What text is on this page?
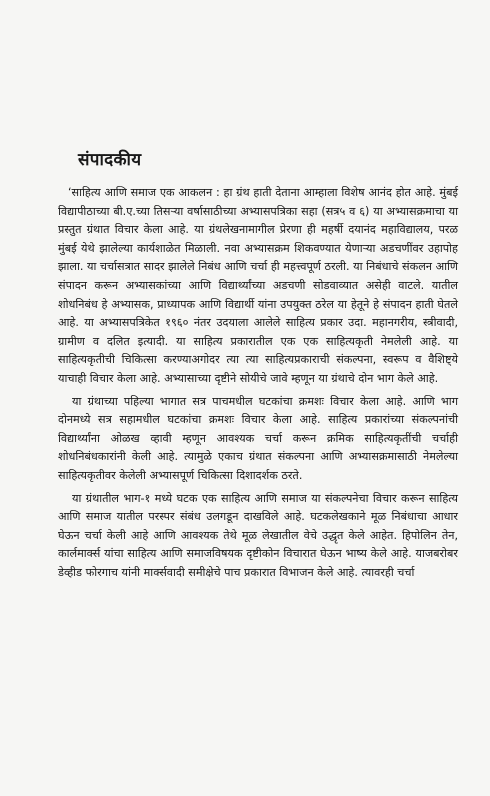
संपादकीय

‘साहित्य आणि समाज एक आकलन : हा ग्रंथ हाती देताना आम्हाला विशेष आनंद होत आहे. मुंबई विद्यापीठाच्या बी.ए.च्या तिसऱ्या वर्षासाठीच्या अभ्यासपत्रिका सहा (सत्र५ व ६) या अभ्यासक्रमाचा या प्रस्तुत ग्रंथात विचार केला आहे. या ग्रंथलेखनामागील प्रेरणा ही महर्षी दयानंद महाविद्यालय, परळ मुंबई येथे झालेल्या कार्यशाळेत मिळाली. नवा अभ्यासक्रम शिकवण्यात येणाऱ्या अडचणींवर उहापोह झाला. या चर्चासत्रात सादर झालेले निबंध आणि चर्चा ही महत्त्वपूर्ण ठरली. या निबंधाचे संकलन आणि संपादन करून अभ्यासकांच्या आणि विद्यार्थ्यांच्या अडचणी सोडवाव्यात असेही वाटले. यातील शोधनिबंध हे अभ्यासक, प्राध्यापक आणि विद्यार्थी यांना उपयुक्त ठरेल या हेतूने हे संपादन हाती घेतले आहे. या अभ्यासपत्रिकेत १९६० नंतर उदयाला आलेले साहित्य प्रकार उदा. महानगरीय, स्त्रीवादी, ग्रामीण व दलित इत्यादी. या साहित्य प्रकारातील एक एक साहित्यकृती नेमलेली आहे. या साहित्यकृतीची चिकित्सा करण्याअगोदर त्या त्या साहित्यप्रकाराची संकल्पना, स्वरूप व वैशिष्ट्ये याचाही विचार केला आहे. अभ्यासाच्या दृष्टीने सोयीचे जावे म्हणून या ग्रंथाचे दोन भाग केले आहे.

या ग्रंथाच्या पहिल्या भागात सत्र पाचमधील घटकांचा क्रमशः विचार केला आहे. आणि भाग दोनमध्ये सत्र सहामधील घटकांचा क्रमशः विचार केला आहे. साहित्य प्रकारांच्या संकल्पनांची विद्यार्थ्यांना ओळख व्हावी म्हणून आवश्यक चर्चा करून क्रमिक साहित्यकृतींची चर्चाही शोधनिबंधकारांनी केली आहे. त्यामुळे एकाच ग्रंथात संकल्पना आणि अभ्यासक्रमासाठी नेमलेल्या साहित्यकृतीवर केलेली अभ्यासपूर्ण चिकित्सा दिशादर्शक ठरते.

या ग्रंथातील भाग-१ मध्ये घटक एक साहित्य आणि समाज या संकल्पनेचा विचार करून साहित्य आणि समाज यातील परस्पर संबंध उलगडून दाखविले आहे. घटकलेखकाने मूळ निबंधाचा आधार घेऊन चर्चा केली आहे आणि आवश्यक तेथे मूळ लेखातील वेचे उद्धृत केले आहेत. हिपोलिन तेन, कार्लमार्क्स यांचा साहित्य आणि समाजविषयक दृष्टीकोन विचारात घेऊन भाष्य केले आहे. याजबरोबर डेव्हीड फोरगाच यांनी मार्क्सवादी समीक्षेचे पाच प्रकारात विभाजन केले आहे. त्यावरही चर्चा
